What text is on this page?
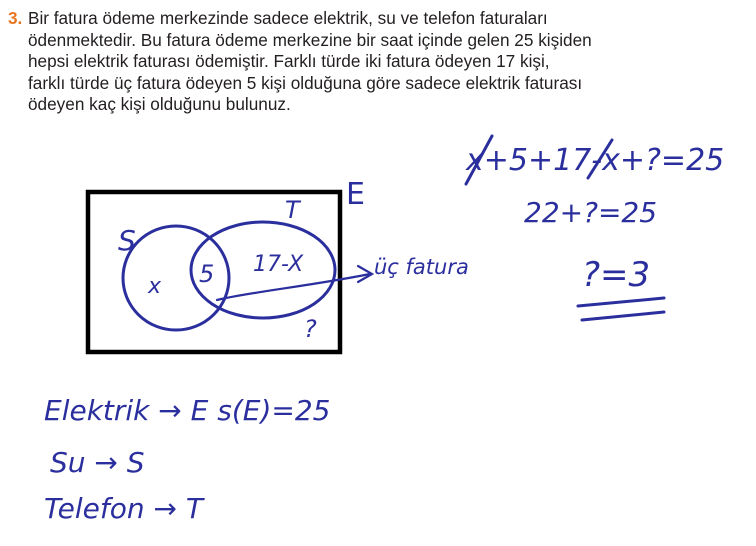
3. Bir fatura ödeme merkezinde sadece elektrik, su ve telefon faturaları
ödenmektedir. Bu fatura ödeme merkezine bir saat içinde gelen 25 kişiden
hepsi elektrik faturası ödemiştir. Farklı türde iki fatura ödeyen 17 kişi,
farklı türde üç fatura ödeyen 5 kişi olduğuna göre sadece elektrik faturası
ödeyen kaç kişi olduğunu bulunuz.
E
S
T
x 5 17-X
?
üç fatura
x+5+17-x+?=25
22+?=25
?=3
Elektrik → E s(E)=25
Su → S
Telefon → T
